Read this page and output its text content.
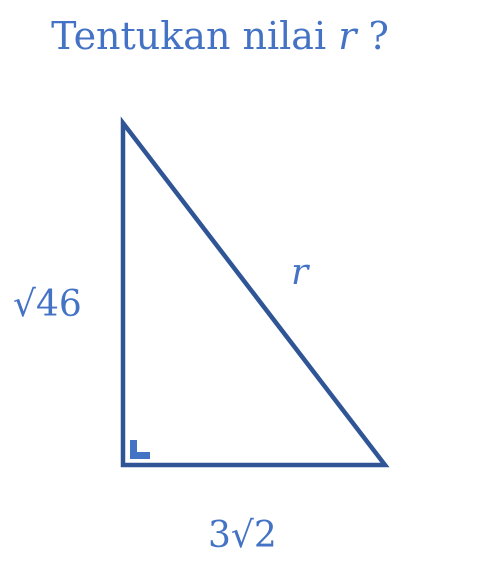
Tentukan nilai r ?
√46
r
3√2
